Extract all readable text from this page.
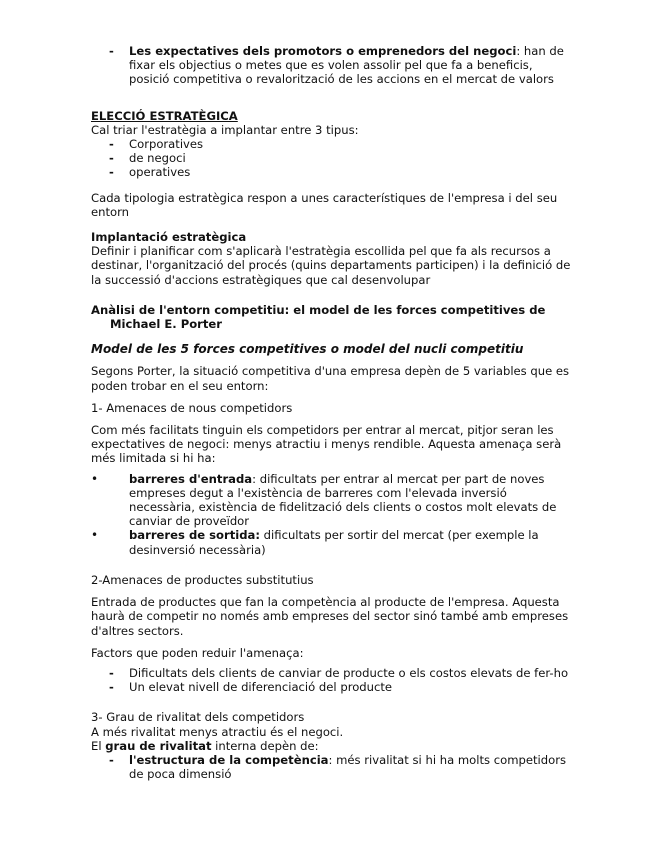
-	Les expectatives dels promotors o emprenedors del negoci: han de fixar els objectius o metes que es volen assolir pel que fa a beneficis, posició competitiva o revalorització de les accions en el mercat de valors

ELECCIÓ ESTRATÈGICA

Cal triar l'estratègia a implantar entre 3 tipus:

-	Corporatives
-	de negoci
-	operatives

Cada tipologia estratègica respon a unes característiques de l'empresa i del seu entorn

Implantació estratègica

Definir i planificar com s'aplicarà l'estratègia escollida pel que fa als recursos a destinar, l'organització del procés (quins departaments participen) i la definició de la successió d'accions estratègiques que cal desenvolupar

Anàlisi de l'entorn competitiu: el model de les forces competitives de Michael E. Porter

Model de les 5 forces competitives o model del nucli competitiu

Segons Porter, la situació competitiva d'una empresa depèn de 5 variables que es poden trobar en el seu entorn:

1- Amenaces de nous competidors

Com més facilitats tinguin els competidors per entrar al mercat, pitjor seran les expectatives de negoci: menys atractiu i menys rendible. Aquesta amenaça serà més limitada si hi ha:

•	barreres d'entrada: dificultats per entrar al mercat per part de noves empreses degut a l'existència de barreres com l'elevada inversió necessària, existència de fidelització dels clients o costos molt elevats de canviar de proveïdor
•	barreres de sortida: dificultats per sortir del mercat (per exemple la desinversió necessària)

2-Amenaces de productes substitutius

Entrada de productes que fan la competència al producte de l'empresa. Aquesta haurà de competir no només amb empreses del sector sinó també amb empreses d'altres sectors.

Factors que poden reduir l'amenaça:

-	Dificultats dels clients de canviar de producte o els costos elevats de fer-ho
-	Un elevat nivell de diferenciació del producte

3- Grau de rivalitat dels competidors

A més rivalitat menys atractiu és el negoci.

El grau de rivalitat interna depèn de:

-	l'estructura de la competència: més rivalitat si hi ha molts competidors de poca dimensió
